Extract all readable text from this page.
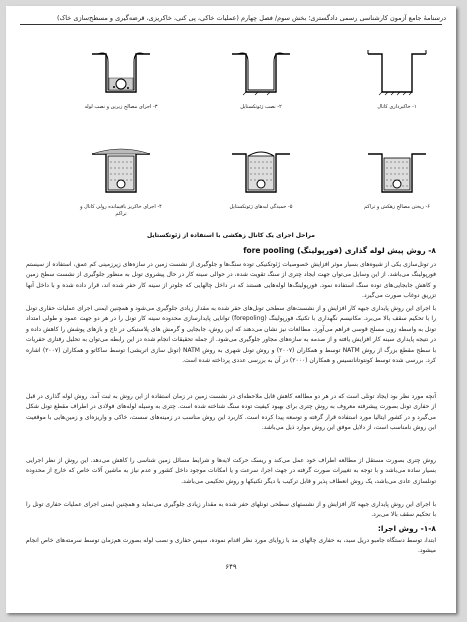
درسنامهٔ جامع آزمون کارشناسی رسمی دادگستری؛ بخش سوم/ فصل چهارم (عملیات خاکی، پی کنی، خاکریزی، قرضه‌گیری و مسطح‌سازی خاک)
۱- خاکبرداری کانال
۲- نصب ژئوتکستایل
۳- اجرای مصالح زیرین و نصب لوله
۶- ریختن مصالح زهکش و تراکم
۵- خمیدگی لبه‌های ژئوتکستایل
۴- اجرای خاکریز باقیمانده رولی کانال و تراکم
مراحل اجرای یک کانال زهکشی با استفاده از ژئوتکستایل
۸- روش پیش لوله گذاری (فورپولینگ) fore pooling
در تونل‌سازی یکی از شیوه‌های بسیار موثر افزایش خصوصیات ژئوتکنیکی توده سنگ‌ها و جلوگیری از نشست زمین در سازه‌های زیرزمینی کم عمق، استفاده از سیستم فورپولینگ می‌باشد. از این وسایل می‌توان جهت ایجاد چتری از سنگ تقویت شده، در حوالی سینه کار در حال پیشروی تونل به منظور جلوگیری از نشست سطح زمین و کاهش جابجایی‌های توده سنگ استفاده نمود. فورپولینگ‌ها لوله‌هایی هستند که در داخل چالهایی که جلوتر از سینه کار حفر شده اند، قرار داده شده و با داخل آنها تزریق دوغاب صورت می‌گیرد.
با اجرای این روش پایداری جبهه کار افزایش و از نشست‌های سطحی تونل‌های حفر شده به مقدار زیادی جلوگیری می‌شود و همچنین ایمنی اجرای عملیات حفاری تونل را با تحکیم سقف بالا می‌برد. مکانیسم نگهداری با تکنیک فورپولینگ (forepoling) توانایی پایدارسازی محدوده سینه کار تونل را در هر دو جهت عمود و طولی امتداد تونل به واسطه زون مسلح قوسی فراهم می‌آورد. مطالعات نیز نشان می‌دهند که این روش، جابجایی و گرمش های پلاستیکی در تاج و بازهای پوشش را کاهش داده و در نتیجه پایداری سینه کار افزایش یافته و از صدمه به سازه‌های مجاور جلوگیری می‌شود. از جمله تحقیقات انجام شده در این رابطه می‌توان به تحلیل رفتاری حفریات با سطح مقطع بزرگ از روش NATM توسط و همکاران (۲۰۰۷) و روش تونل شهری به روش NATM (تونل سازی اتریشی) توسط ساکاتو و همکاران (۲۰۰۷) اشاره کرد. بررسی شده توسط کونتوتانانسیس و همکاران (۲۰۰۰) در آن به بررسی عددی پرداخته شده است.
آنچه مورد نظر بود ایجاد تونلی است که در هر دو مطالعه کاهش قابل ملاحظه‌ای در نشست زمین در زمان استفاده از این روش به ثبت آمد. روش لوله گذاری در قبل از حفاری تونل بصورت پیشرفته معروف به روش چتری برای بهبود کیفیت توده سنگ شناخته شده است. چتری به وسیله لوله‌های فولادی در اطراف مقطع تونل شکل می‌گیرد و در کشور ایتالیا مورد استفاده قرار گرفته و توسعه پیدا کرده است. کاربرد این روش مناسب در زمینه‌های سست، خاکی و واریزه‌ای و زمین‌هایی با موقعیت این روش نامناسب است، از دلایل موفق این روش موارد ذیل می‌باشد.
روش چتری بصورت مستقل از مطالعه اطراف خود عمل می‌کند و ریسک حرکت لایه‌ها و شرایط مسائل زمین شناسی را کاهش می‌دهد. این روش از نظر اجرایی بسیار ساده می‌باشد و با توجه به تغییرات صورت گرفته در جهت اجرا، سرعت و یا امکانات موجود داخل کشور و عدم نیاز به ماشین آلات خاص که خارج از محدوده تونلسازی عادی می‌باشد، یک روش انعطاف پذیر و قابل ترکیب با دیگر تکنیکها و روش تحکیمی می‌باشد.
با اجرای این روش پایداری جبهه کار افزایش و از نشستهای سطحی تونلهای حفر شده به مقدار زیادی جلوگیری می‌نماید و همچنین ایمنی اجرای عملیات حفاری تونل را با تحکیم سقف بالا می‌برد.
۱-۸- روش اجرا:
ابتدا، توسط دستگاه جامبو دریل سبد، به حفاری چالهای مد با زوایای مورد نظر اقدام نموده، سپس حفاری و نصب لوله بصورت هم‌زمان توسط سرمته‌های خاص انجام میشود.
۶۴۹
